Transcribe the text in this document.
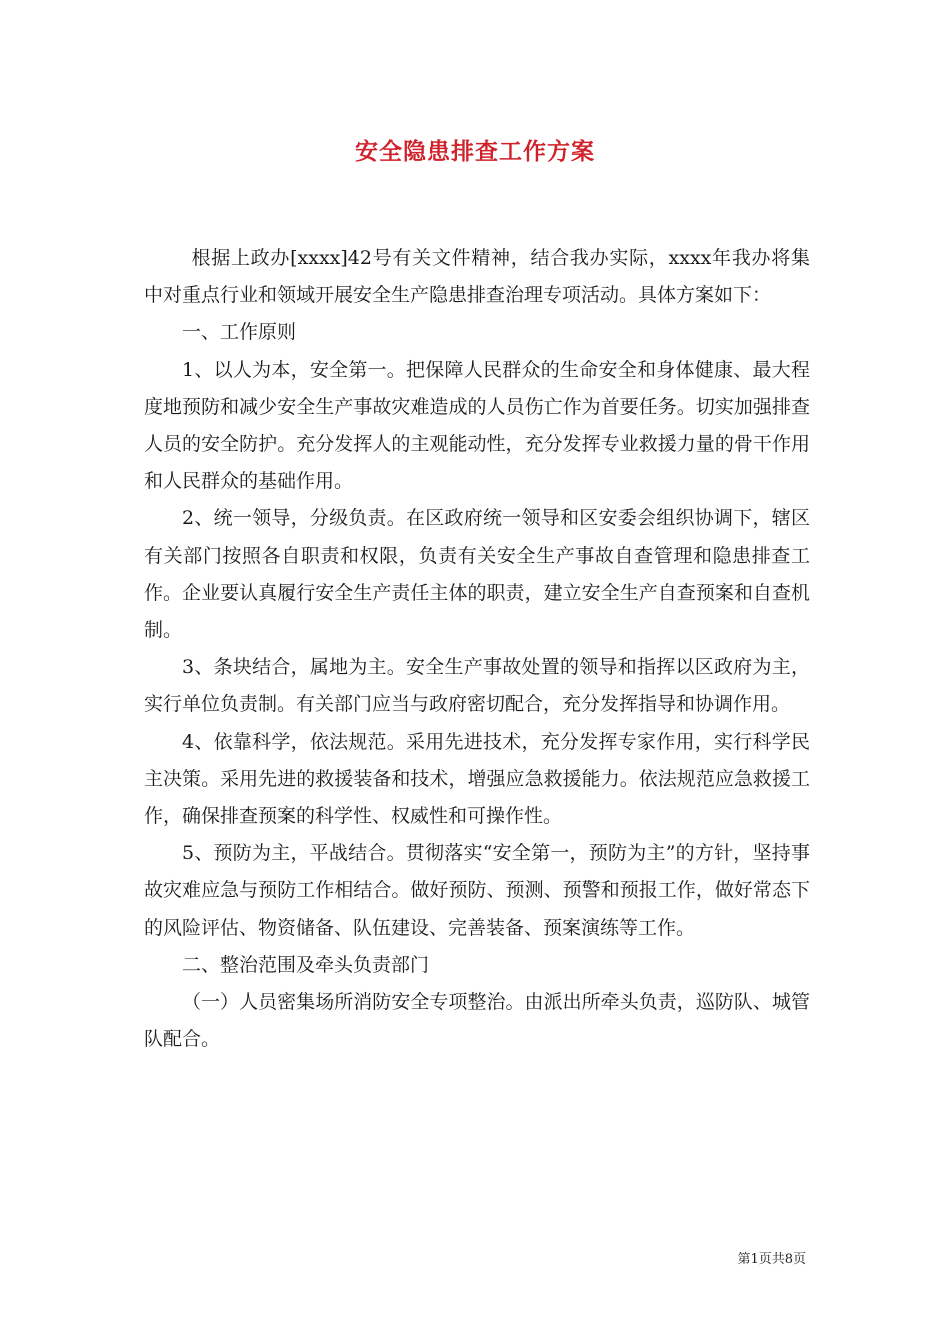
安全隐患排查工作方案

根据上政办[xxxx]42号有关文件精神，结合我办实际，xxxx年我办将集中对重点行业和领域开展安全生产隐患排查治理专项活动。具体方案如下：

一、工作原则

1、以人为本，安全第一。把保障人民群众的生命安全和身体健康、最大程度地预防和减少安全生产事故灾难造成的人员伤亡作为首要任务。切实加强排查人员的安全防护。充分发挥人的主观能动性，充分发挥专业救援力量的骨干作用和人民群众的基础作用。

2、统一领导，分级负责。在区政府统一领导和区安委会组织协调下，辖区有关部门按照各自职责和权限，负责有关安全生产事故自查管理和隐患排查工作。企业要认真履行安全生产责任主体的职责，建立安全生产自查预案和自查机制。

3、条块结合，属地为主。安全生产事故处置的领导和指挥以区政府为主，实行单位负责制。有关部门应当与政府密切配合，充分发挥指导和协调作用。

4、依靠科学，依法规范。采用先进技术，充分发挥专家作用，实行科学民主决策。采用先进的救援装备和技术，增强应急救援能力。依法规范应急救援工作，确保排查预案的科学性、权威性和可操作性。

5、预防为主，平战结合。贯彻落实“安全第一，预防为主”的方针，坚持事故灾难应急与预防工作相结合。做好预防、预测、预警和预报工作，做好常态下的风险评估、物资储备、队伍建设、完善装备、预案演练等工作。

二、整治范围及牵头负责部门

（一）人员密集场所消防安全专项整治。由派出所牵头负责，巡防队、城管队配合。

第1页共8页
